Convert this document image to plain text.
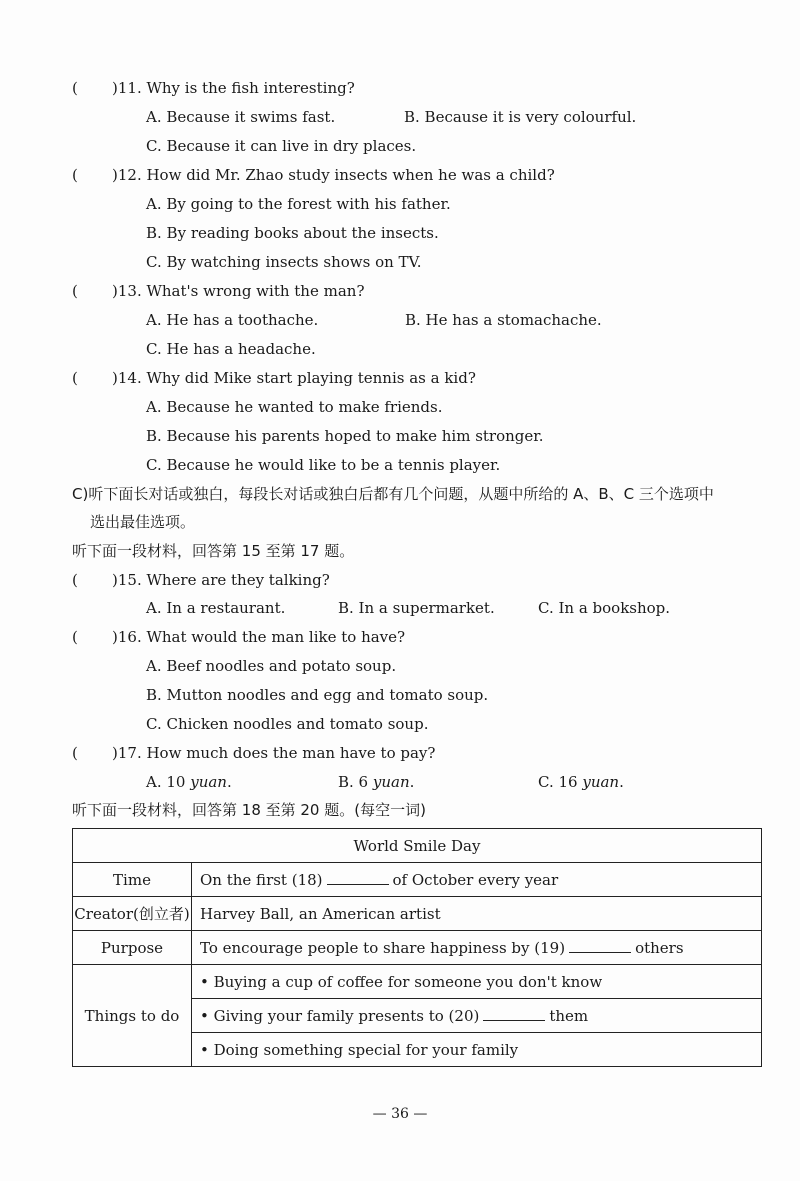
( )11. Why is the fish interesting?
A. Because it swims fast.	B. Because it is very colourful.
C. Because it can live in dry places.
( )12. How did Mr. Zhao study insects when he was a child?
A. By going to the forest with his father.
B. By reading books about the insects.
C. By watching insects shows on TV.
( )13. What's wrong with the man?
A. He has a toothache.	B. He has a stomachache.
C. He has a headache.
( )14. Why did Mike start playing tennis as a kid?
A. Because he wanted to make friends.
B. Because his parents hoped to make him stronger.
C. Because he would like to be a tennis player.
C)听下面长对话或独白，每段长对话或独白后都有几个问题，从题中所给的 A、B、C 三个选项中
选出最佳选项。
听下面一段材料，回答第 15 至第 17 题。
( )15. Where are they talking?
A. In a restaurant.	B. In a supermarket.	C. In a bookshop.
( )16. What would the man like to have?
A. Beef noodles and potato soup.
B. Mutton noodles and egg and tomato soup.
C. Chicken noodles and tomato soup.
( )17. How much does the man have to pay?
A. 10 yuan.	B. 6 yuan.	C. 16 yuan.
听下面一段材料，回答第 18 至第 20 题。(每空一词)
World Smile Day	
Time	On the first (18) of October every year
Creator(创立者)	Harvey Ball, an American artist
Purpose	To encourage people to share happiness by (19) others
Things to do	• Buying a cup of coffee for someone you don't know
	• Giving your family presents to (20) them
	• Doing something special for your family
— 36 —
